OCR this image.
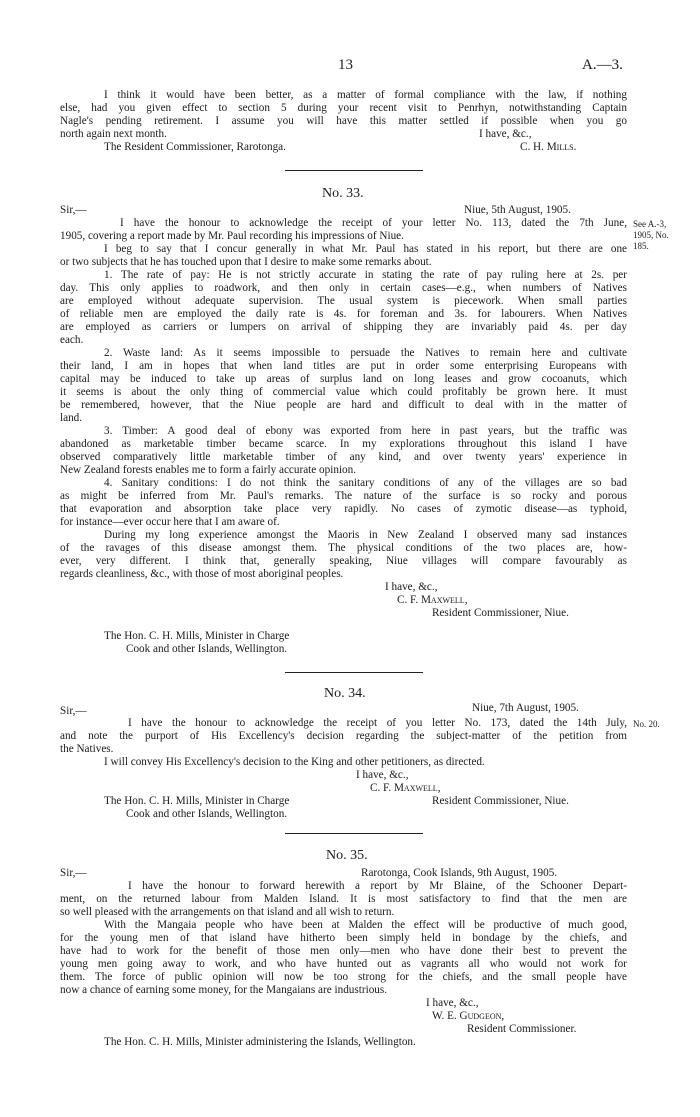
13	A.—3.
I think it would have been better, as a matter of formal compliance with the law, if nothing
else, had you given effect to section 5 during your recent visit to Penrhyn, notwithstanding Captain
Nagle's pending retirement. I assume you will have this matter settled if possible when you go
north again next month.	I have, &c.,
The Resident Commissioner, Rarotonga.	C. H. Mills.
No. 33.
Sir,—	Niue, 5th August, 1905.
See A.-3,
1905, No.
185.
I have the honour to acknowledge the receipt of your letter No. 113, dated the 7th June,
1905, covering a report made by Mr. Paul recording his impressions of Niue.
I beg to say that I concur generally in what Mr. Paul has stated in his report, but there are one
or two subjects that he has touched upon that I desire to make some remarks about.
1. The rate of pay: He is not strictly accurate in stating the rate of pay ruling here at 2s. per
day. This only applies to roadwork, and then only in certain cases—e.g., when numbers of Natives
are employed without adequate supervision. The usual system is piecework. When small parties
of reliable men are employed the daily rate is 4s. for foreman and 3s. for labourers. When Natives
are employed as carriers or lumpers on arrival of shipping they are invariably paid 4s. per day
each.
2. Waste land: As it seems impossible to persuade the Natives to remain here and cultivate
their land, I am in hopes that when land titles are put in order some enterprising Europeans with
capital may be induced to take up areas of surplus land on long leases and grow cocoanuts, which
it seems is about the only thing of commercial value which could profitably be grown here. It must
be remembered, however, that the Niue people are hard and difficult to deal with in the matter of
land.
3. Timber: A good deal of ebony was exported from here in past years, but the traffic was
abandoned as marketable timber became scarce. In my explorations throughout this island I have
observed comparatively little marketable timber of any kind, and over twenty years' experience in
New Zealand forests enables me to form a fairly accurate opinion.
4. Sanitary conditions: I do not think the sanitary conditions of any of the villages are so bad
as might be inferred from Mr. Paul's remarks. The nature of the surface is so rocky and porous
that evaporation and absorption take place very rapidly. No cases of zymotic disease—as typhoid,
for instance—ever occur here that I am aware of.
During my long experience amongst the Maoris in New Zealand I observed many sad instances
of the ravages of this disease amongst them. The physical conditions of the two places are, how-
ever, very different. I think that, generally speaking, Niue villages will compare favourably as
regards cleanliness, &c., with those of most aboriginal peoples.
I have, &c.,
C. F. Maxwell,
Resident Commissioner, Niue.
The Hon. C. H. Mills, Minister in Charge
Cook and other Islands, Wellington.
No. 34.
Sir,—	Niue, 7th August, 1905.
No. 20.
I have the honour to acknowledge the receipt of you letter No. 173, dated the 14th July,
and note the purport of His Excellency's decision regarding the subject-matter of the petition from
the Natives.
I will convey His Excellency's decision to the King and other petitioners, as directed.
I have, &c.,
C. F. Maxwell,
Resident Commissioner, Niue.
The Hon. C. H. Mills, Minister in Charge
Cook and other Islands, Wellington.
No. 35.
Sir,—	Rarotonga, Cook Islands, 9th August, 1905.
I have the honour to forward herewith a report by Mr Blaine, of the Schooner Depart-
ment, on the returned labour from Malden Island. It is most satisfactory to find that the men are
so well pleased with the arrangements on that island and all wish to return.
With the Mangaia people who have been at Malden the effect will be productive of much good,
for the young men of that island have hitherto been simply held in bondage by the chiefs, and
have had to work for the benefit of those men only—men who have done their best to prevent the
young men going away to work, and who have hunted out as vagrants all who would not work for
them. The force of public opinion will now be too strong for the chiefs, and the small people have
now a chance of earning some money, for the Mangaians are industrious.
I have, &c.,
W. E. Gudgeon,
Resident Commissioner.
The Hon. C. H. Mills, Minister administering the Islands, Wellington.
